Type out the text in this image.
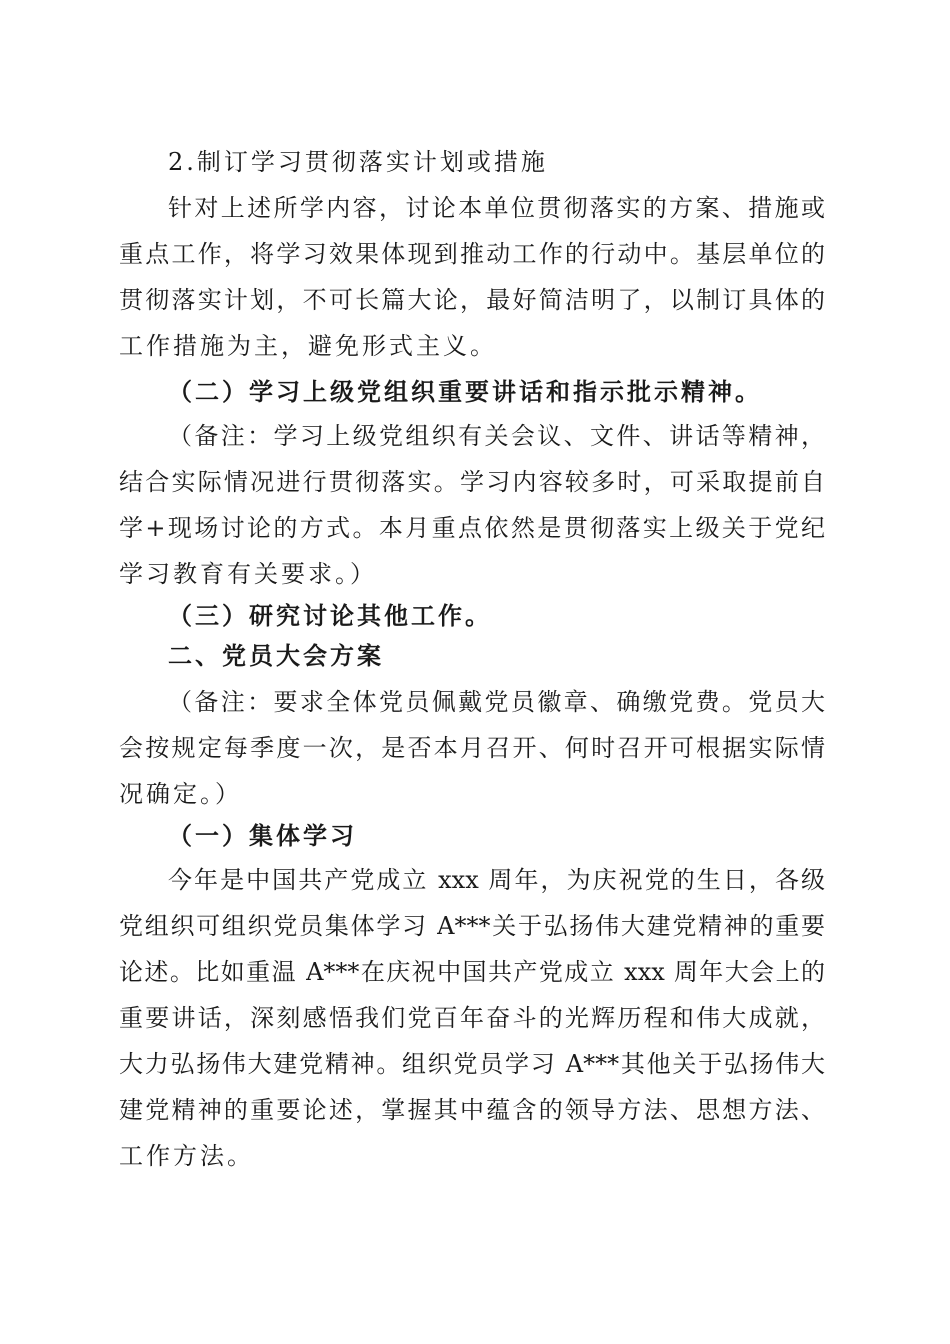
2.制订学习贯彻落实计划或措施
针对上述所学内容，讨论本单位贯彻落实的方案、措施或
重点工作，将学习效果体现到推动工作的行动中。基层单位的
贯彻落实计划，不可长篇大论，最好简洁明了，以制订具体的
工作措施为主，避免形式主义。
（二）学习上级党组织重要讲话和指示批示精神。
（备注：学习上级党组织有关会议、文件、讲话等精神，
结合实际情况进行贯彻落实。学习内容较多时，可采取提前自
学+现场讨论的方式。本月重点依然是贯彻落实上级关于党纪
学习教育有关要求。）
（三）研究讨论其他工作。
二、党员大会方案
（备注：要求全体党员佩戴党员徽章、确缴党费。党员大
会按规定每季度一次，是否本月召开、何时召开可根据实际情
况确定。）
（一）集体学习
今年是中国共产党成立 xxx 周年，为庆祝党的生日，各级
党组织可组织党员集体学习 A***关于弘扬伟大建党精神的重要
论述。比如重温 A***在庆祝中国共产党成立 xxx 周年大会上的
重要讲话，深刻感悟我们党百年奋斗的光辉历程和伟大成就，
大力弘扬伟大建党精神。组织党员学习 A***其他关于弘扬伟大
建党精神的重要论述，掌握其中蕴含的领导方法、思想方法、
工作方法。
